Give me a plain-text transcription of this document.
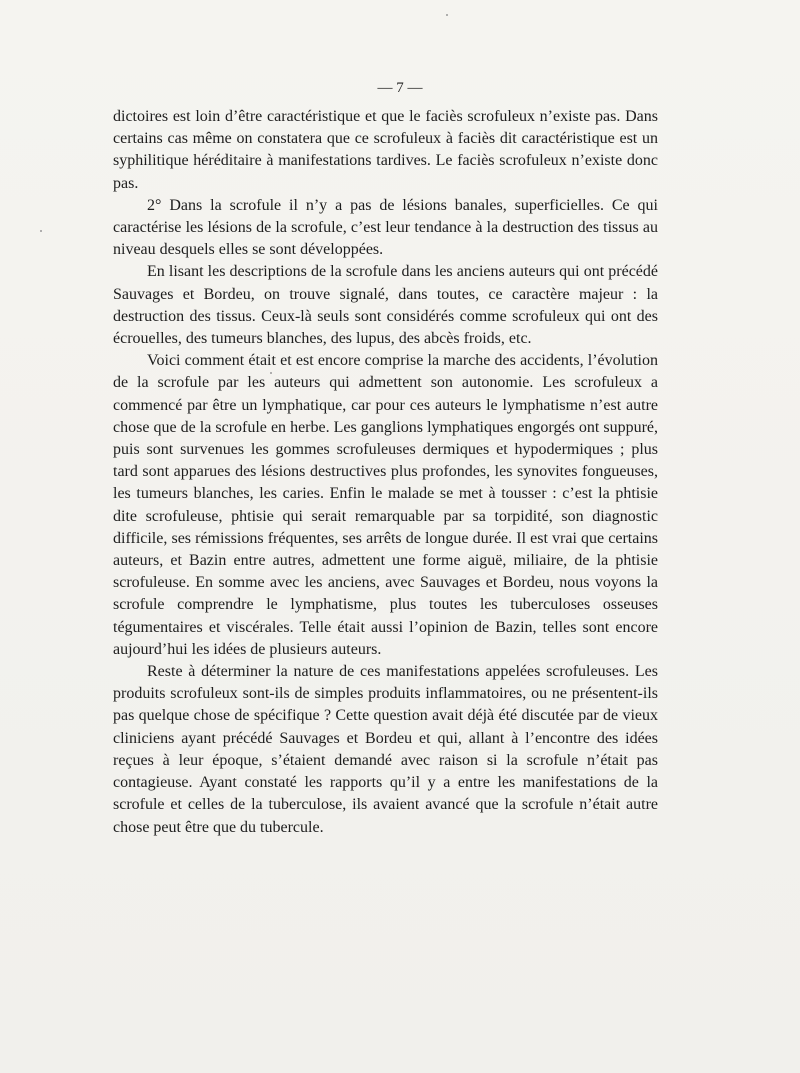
— 7 —

dictoires est loin d’être caractéristique et que le faciès scrofuleux n’existe pas. Dans certains cas même on constatera que ce scrofuleux à faciès dit caractéristique est un syphilitique héréditaire à manifestations tardives. Le faciès scrofuleux n’existe donc pas.

2° Dans la scrofule il n’y a pas de lésions banales, superficielles. Ce qui caractérise les lésions de la scrofule, c’est leur tendance à la destruction des tissus au niveau desquels elles se sont développées.

En lisant les descriptions de la scrofule dans les anciens auteurs qui ont précédé Sauvages et Bordeu, on trouve signalé, dans toutes, ce caractère majeur : la destruction des tissus. Ceux-là seuls sont considérés comme scrofuleux qui ont des écrouelles, des tumeurs blanches, des lupus, des abcès froids, etc.

Voici comment était et est encore comprise la marche des accidents, l’évolution de la scrofule par les auteurs qui admettent son autonomie. Les scrofuleux a commencé par être un lymphatique, car pour ces auteurs le lymphatisme n’est autre chose que de la scrofule en herbe. Les ganglions lymphatiques engorgés ont suppuré, puis sont survenues les gommes scrofuleuses dermiques et hypodermiques ; plus tard sont apparues des lésions destructives plus profondes, les synovites fongueuses, les tumeurs blanches, les caries. Enfin le malade se met à tousser : c’est la phtisie dite scrofuleuse, phtisie qui serait remarquable par sa torpidité, son diagnostic difficile, ses rémissions fréquentes, ses arrêts de longue durée. Il est vrai que certains auteurs, et Bazin entre autres, admettent une forme aiguë, miliaire, de la phtisie scrofuleuse. En somme avec les anciens, avec Sauvages et Bordeu, nous voyons la scrofule comprendre le lymphatisme, plus toutes les tuberculoses osseuses tégumentaires et viscérales. Telle était aussi l’opinion de Bazin, telles sont encore aujourd’hui les idées de plusieurs auteurs.

Reste à déterminer la nature de ces manifestations appelées scrofuleuses. Les produits scrofuleux sont-ils de simples produits inflammatoires, ou ne présentent-ils pas quelque chose de spécifique ? Cette question avait déjà été discutée par de vieux cliniciens ayant précédé Sauvages et Bordeu et qui, allant à l’encontre des idées reçues à leur époque, s’étaient demandé avec raison si la scrofule n’était pas contagieuse. Ayant constaté les rapports qu’il y a entre les manifestations de la scrofule et celles de la tuberculose, ils avaient avancé que la scrofule n’était autre chose peut être que du tubercule.
